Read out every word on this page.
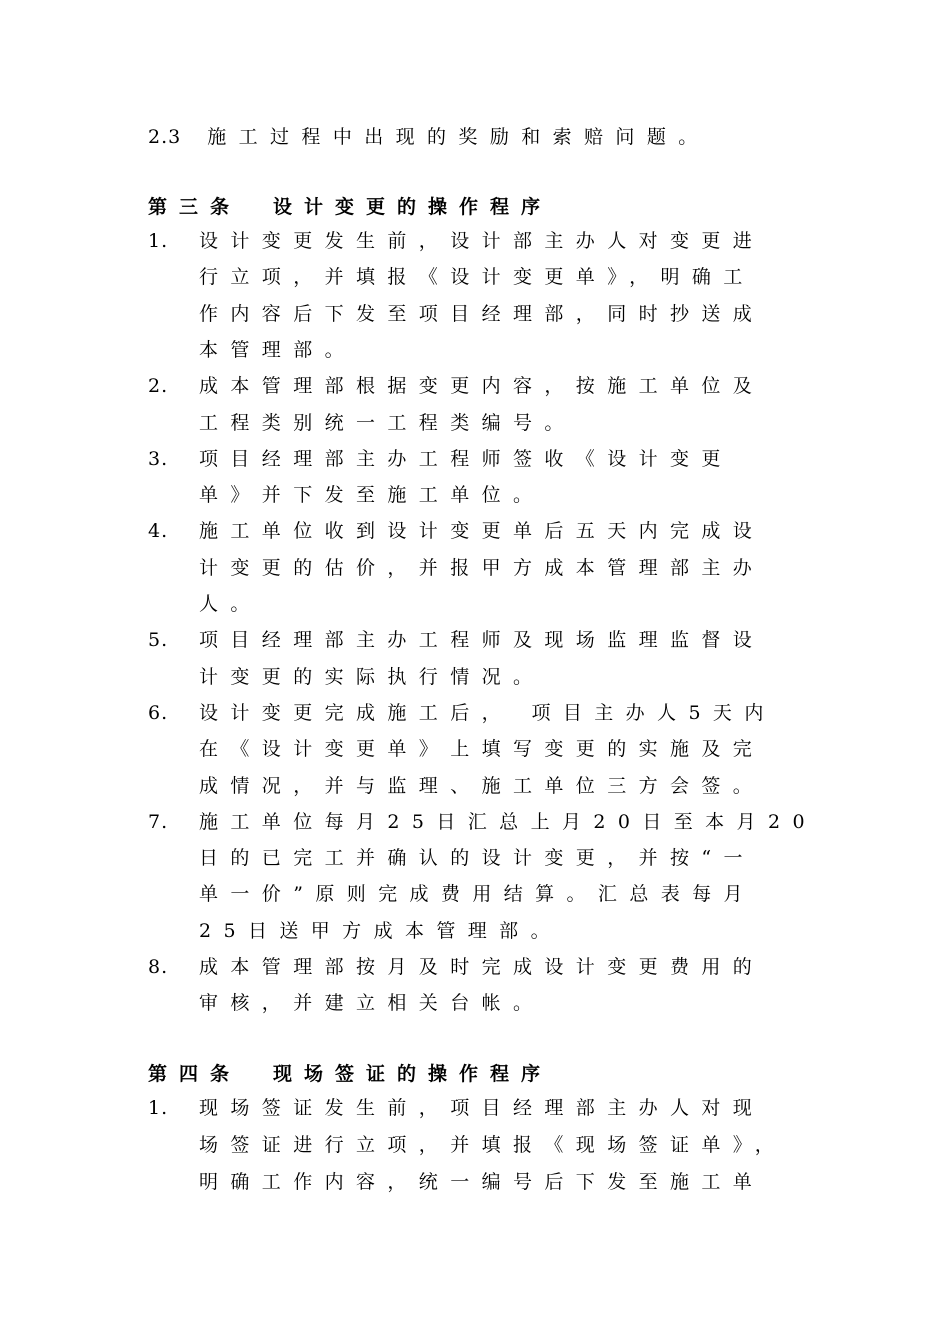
2.3 施工过程中出现的奖励和索赔问题。
第三条 设计变更的操作程序
1. 设计变更发生前，设计部主办人对变更进
行立项，并填报《设计变更单》，明确工
作内容后下发至项目经理部，同时抄送成
本管理部。
2. 成本管理部根据变更内容，按施工单位及
工程类别统一工程类编号。
3. 项目经理部主办工程师签收《设计变更
单》并下发至施工单位。
4. 施工单位收到设计变更单后五天内完成设
计变更的估价，并报甲方成本管理部主办
人。
5. 项目经理部主办工程师及现场监理监督设
计变更的实际执行情况。
6. 设计变更完成施工后， 项目主办人5天内
在《设计变更单》上填写变更的实施及完
成情况，并与监理、施工单位三方会签。
7. 施工单位每月25日汇总上月20日至本月20
日的已完工并确认的设计变更，并按“一
单一价”原则完成费用结算。汇总表每月
25日送甲方成本管理部。
8. 成本管理部按月及时完成设计变更费用的
审核，并建立相关台帐。
第四条 现场签证的操作程序
1. 现场签证发生前，项目经理部主办人对现
场签证进行立项，并填报《现场签证单》，
明确工作内容，统一编号后下发至施工单
